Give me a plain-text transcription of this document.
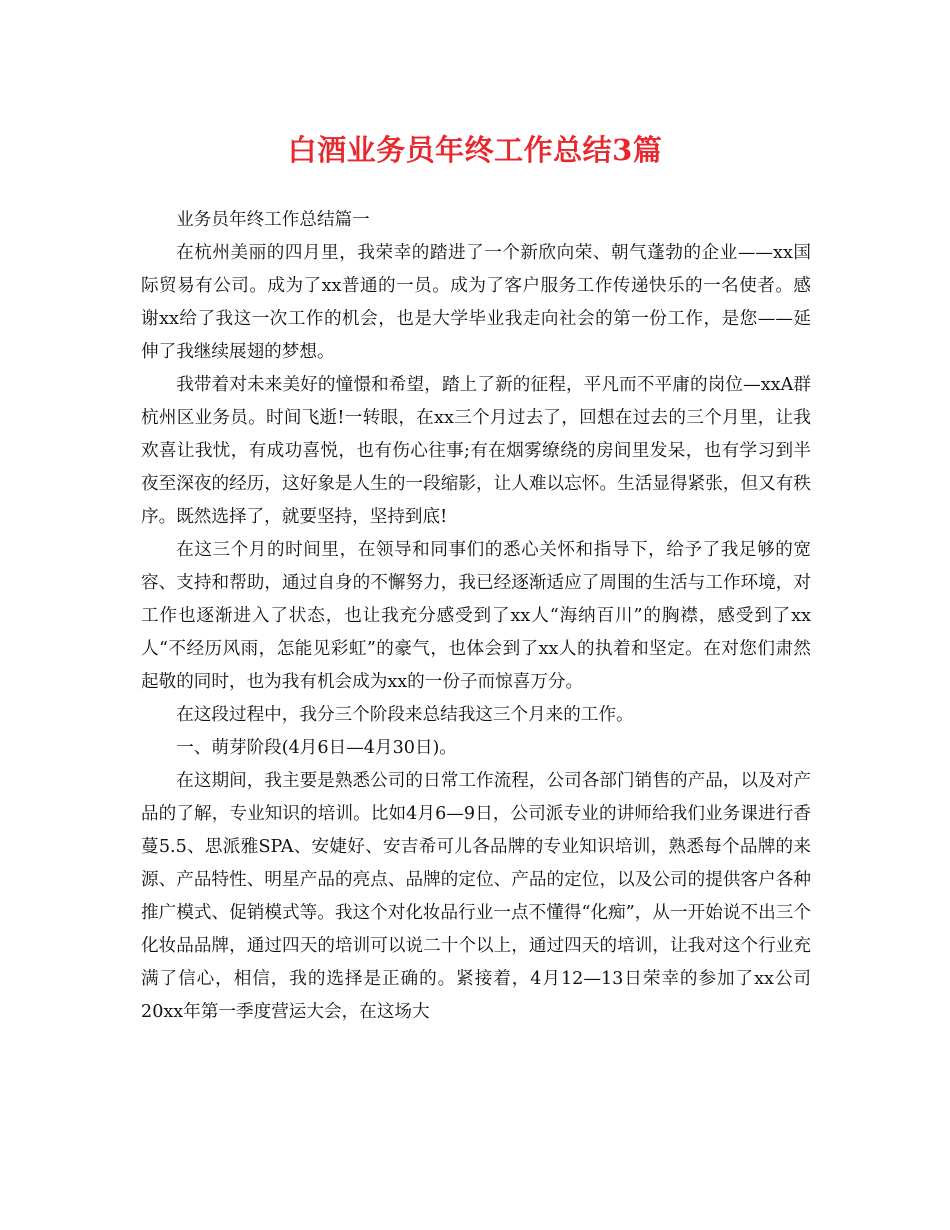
白酒业务员年终工作总结3篇

业务员年终工作总结篇一

在杭州美丽的四月里，我荣幸的踏进了一个新欣向荣、朝气蓬勃的企业——xx国际贸易有公司。成为了xx普通的一员。成为了客户服务工作传递快乐的一名使者。感谢xx给了我这一次工作的机会，也是大学毕业我走向社会的第一份工作，是您——延伸了我继续展翅的梦想。

我带着对未来美好的憧憬和希望，踏上了新的征程，平凡而不平庸的岗位—xxA群杭州区业务员。时间飞逝!一转眼，在xx三个月过去了，回想在过去的三个月里，让我欢喜让我忧，有成功喜悦，也有伤心往事;有在烟雾缭绕的房间里发呆，也有学习到半夜至深夜的经历，这好象是人生的一段缩影，让人难以忘怀。生活显得紧张，但又有秩序。既然选择了，就要坚持，坚持到底!

在这三个月的时间里，在领导和同事们的悉心关怀和指导下，给予了我足够的宽容、支持和帮助，通过自身的不懈努力，我已经逐渐适应了周围的生活与工作环境，对工作也逐渐进入了状态，也让我充分感受到了xx人“海纳百川”的胸襟，感受到了xx人“不经历风雨，怎能见彩虹”的豪气，也体会到了xx人的执着和坚定。在对您们肃然起敬的同时，也为我有机会成为xx的一份子而惊喜万分。

在这段过程中，我分三个阶段来总结我这三个月来的工作。

一、萌芽阶段(4月6日—4月30日)。

在这期间，我主要是熟悉公司的日常工作流程，公司各部门销售的产品，以及对产品的了解，专业知识的培训。比如4月6—9日，公司派专业的讲师给我们业务课进行香蔓5.5、思派雅SPA、安婕好、安吉希可儿各品牌的专业知识培训，熟悉每个品牌的来源、产品特性、明星产品的亮点、品牌的定位、产品的定位，以及公司的提供客户各种推广模式、促销模式等。我这个对化妆品行业一点不懂得“化痴”，从一开始说不出三个化妆品品牌，通过四天的培训可以说二十个以上，通过四天的培训，让我对这个行业充满了信心，相信，我的选择是正确的。紧接着，4月12—13日荣幸的参加了xx公司20xx年第一季度营运大会，在这场大
